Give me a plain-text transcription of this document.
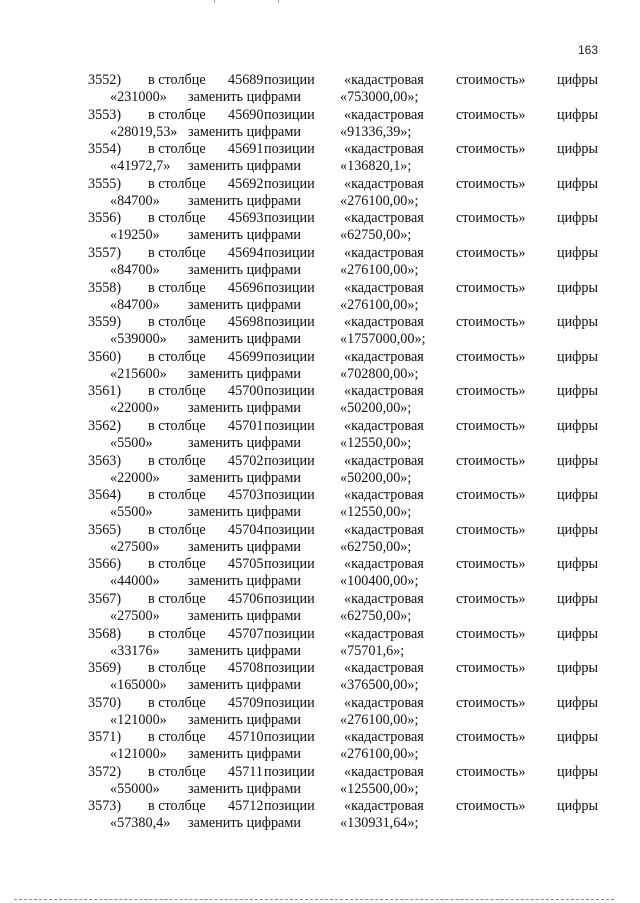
163
3552) в столбце 45689 позиции «кадастровая стоимость» цифры
«231000» заменить цифрами	«753000,00»;
3553) в столбце 45690 позиции «кадастровая стоимость» цифры
«28019,53» заменить цифрами	«91336,39»;
3554) в столбце 45691 позиции «кадастровая стоимость» цифры
«41972,7» заменить цифрами	«136820,1»;
3555) в столбце 45692 позиции «кадастровая стоимость» цифры
«84700» заменить цифрами	«276100,00»;
3556) в столбце 45693 позиции «кадастровая стоимость» цифры
«19250» заменить цифрами	«62750,00»;
3557) в столбце 45694 позиции «кадастровая стоимость» цифры
«84700» заменить цифрами	«276100,00»;
3558) в столбце 45696 позиции «кадастровая стоимость» цифры
«84700» заменить цифрами	«276100,00»;
3559) в столбце 45698 позиции «кадастровая стоимость» цифры
«539000» заменить цифрами	«1757000,00»;
3560) в столбце 45699 позиции «кадастровая стоимость» цифры
«215600» заменить цифрами	«702800,00»;
3561) в столбце 45700 позиции «кадастровая стоимость» цифры
«22000» заменить цифрами	«50200,00»;
3562) в столбце 45701 позиции «кадастровая стоимость» цифры
«5500» заменить цифрами	«12550,00»;
3563) в столбце 45702 позиции «кадастровая стоимость» цифры
«22000» заменить цифрами	«50200,00»;
3564) в столбце 45703 позиции «кадастровая стоимость» цифры
«5500» заменить цифрами	«12550,00»;
3565) в столбце 45704 позиции «кадастровая стоимость» цифры
«27500» заменить цифрами	«62750,00»;
3566) в столбце 45705 позиции «кадастровая стоимость» цифры
«44000» заменить цифрами	«100400,00»;
3567) в столбце 45706 позиции «кадастровая стоимость» цифры
«27500» заменить цифрами	«62750,00»;
3568) в столбце 45707 позиции «кадастровая стоимость» цифры
«33176» заменить цифрами	«75701,6»;
3569) в столбце 45708 позиции «кадастровая стоимость» цифры
«165000» заменить цифрами	«376500,00»;
3570) в столбце 45709 позиции «кадастровая стоимость» цифры
«121000» заменить цифрами	«276100,00»;
3571) в столбце 45710 позиции «кадастровая стоимость» цифры
«121000» заменить цифрами	«276100,00»;
3572) в столбце 45711 позиции «кадастровая стоимость» цифры
«55000» заменить цифрами	«125500,00»;
3573) в столбце 45712 позиции «кадастровая стоимость» цифры
«57380,4» заменить цифрами	«130931,64»;
